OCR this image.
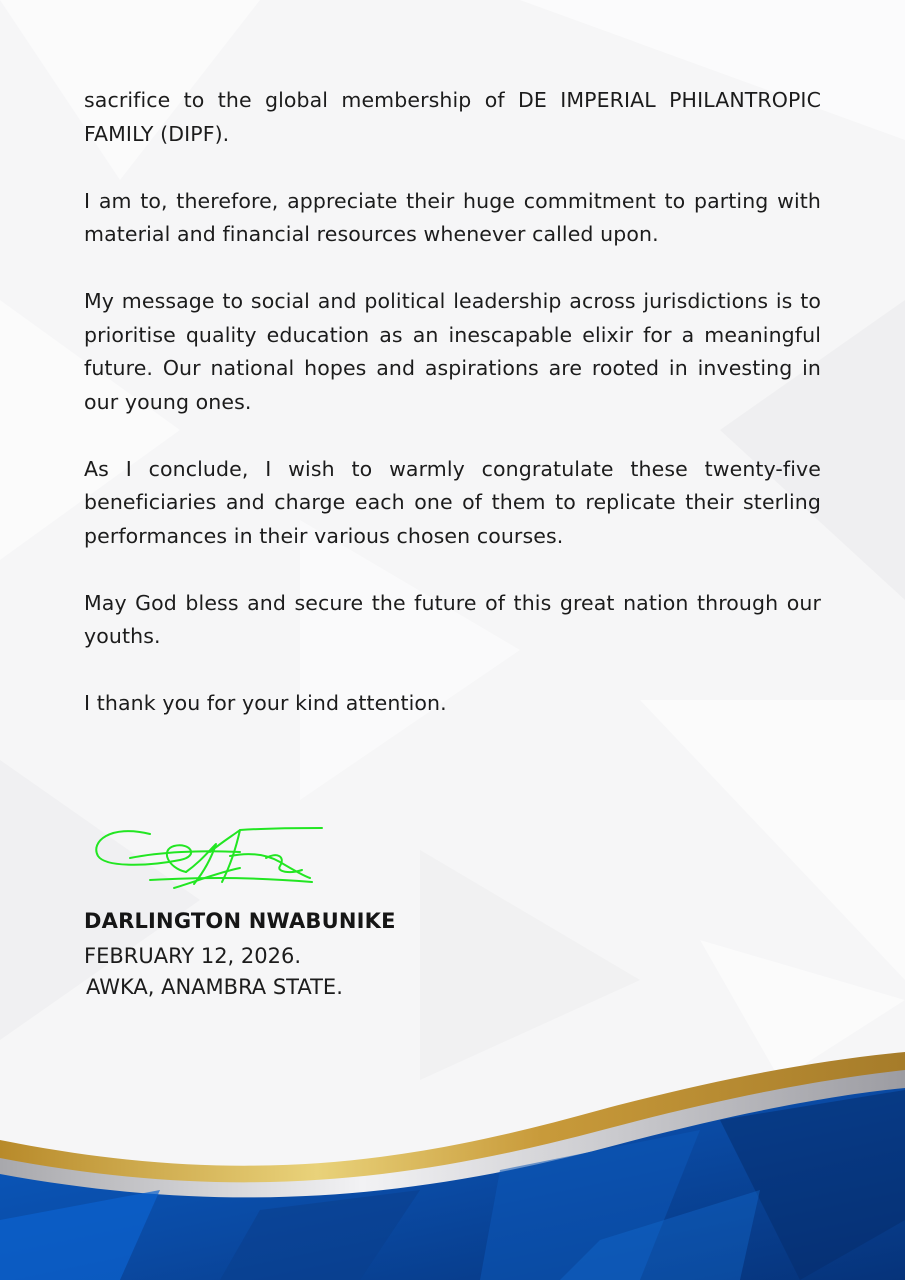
sacrifice to the global membership of DE IMPERIAL PHILANTROPIC FAMILY (DIPF).

I am to, therefore, appreciate their huge commitment to parting with material and financial resources whenever called upon.

My message to social and political leadership across jurisdictions is to prioritise quality education as an inescapable elixir for a meaningful future. Our national hopes and aspirations are rooted in investing in our young ones.

As I conclude, I wish to warmly congratulate these twenty-five beneficiaries and charge each one of them to replicate their sterling performances in their various chosen courses.

May God bless and secure the future of this great nation through our youths.

I thank you for your kind attention.

DARLINGTON NWABUNIKE
FEBRUARY 12, 2026.
AWKA, ANAMBRA STATE.
